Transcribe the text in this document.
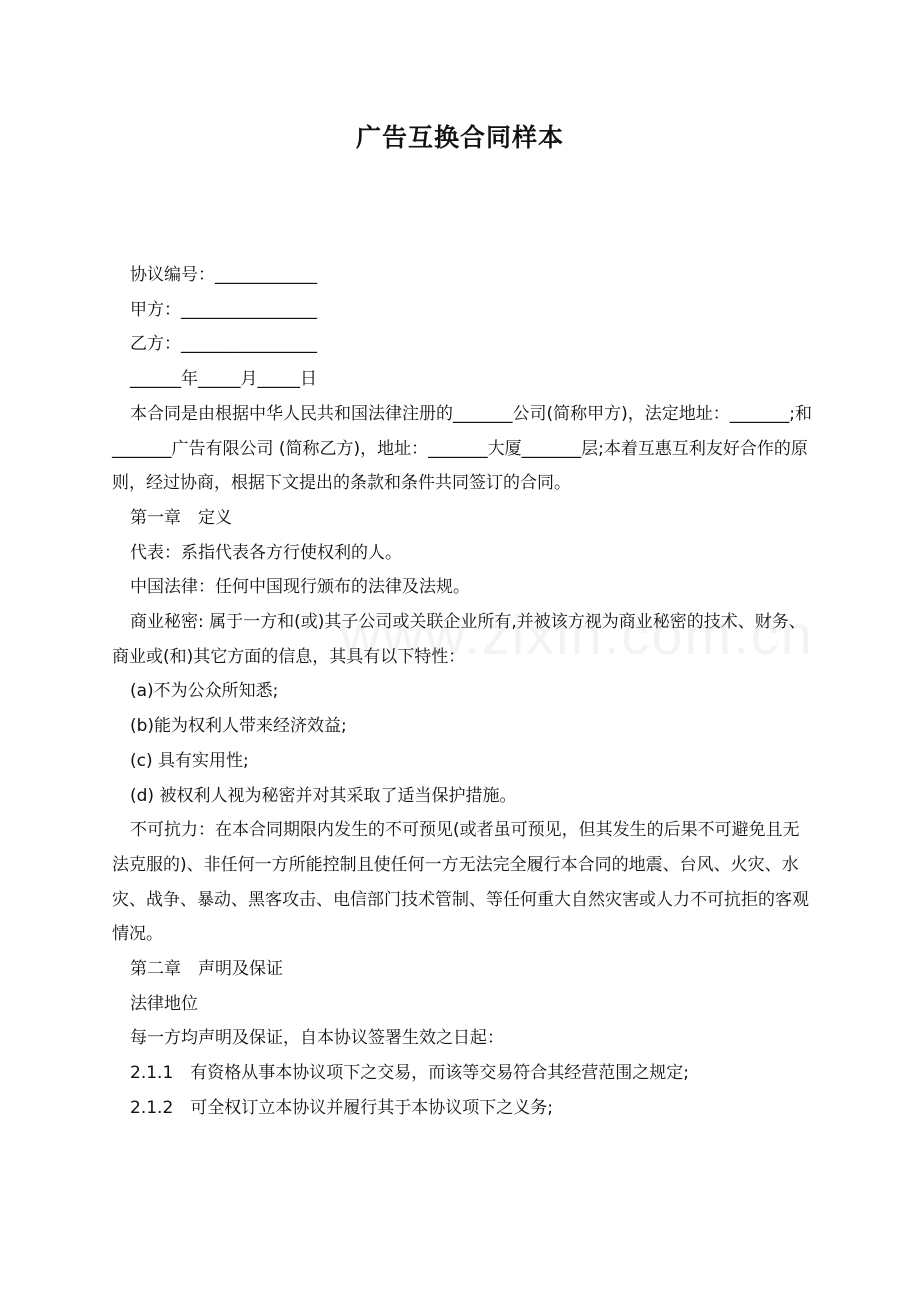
广告互换合同样本

协议编号：____________

甲方：________________

乙方：________________

______年_____月_____日

本合同是由根据中华人民共和国法律注册的_______公司(简称甲方)，法定地址：_______;和_______广告有限公司 (简称乙方)，地址：_______大厦_______层;本着互惠互利友好合作的原则，经过协商，根据下文提出的条款和条件共同签订的合同。

第一章　定义

代表：系指代表各方行使权利的人。

中国法律：任何中国现行颁布的法律及法规。

商业秘密: 属于一方和(或)其子公司或关联企业所有,并被该方视为商业秘密的技术、财务、商业或(和)其它方面的信息，其具有以下特性：

(a)不为公众所知悉;

(b)能为权利人带来经济效益;

(c) 具有实用性;

(d) 被权利人视为秘密并对其采取了适当保护措施。

不可抗力：在本合同期限内发生的不可预见(或者虽可预见，但其发生的后果不可避免且无法克服的)、非任何一方所能控制且使任何一方无法完全履行本合同的地震、台风、火灾、水灾、战争、暴动、黑客攻击、电信部门技术管制、等任何重大自然灾害或人力不可抗拒的客观情况。

第二章　声明及保证

法律地位

每一方均声明及保证，自本协议签署生效之日起：

2.1.1　有资格从事本协议项下之交易，而该等交易符合其经营范围之规定;

2.1.2　可全权订立本协议并履行其于本协议项下之义务;
